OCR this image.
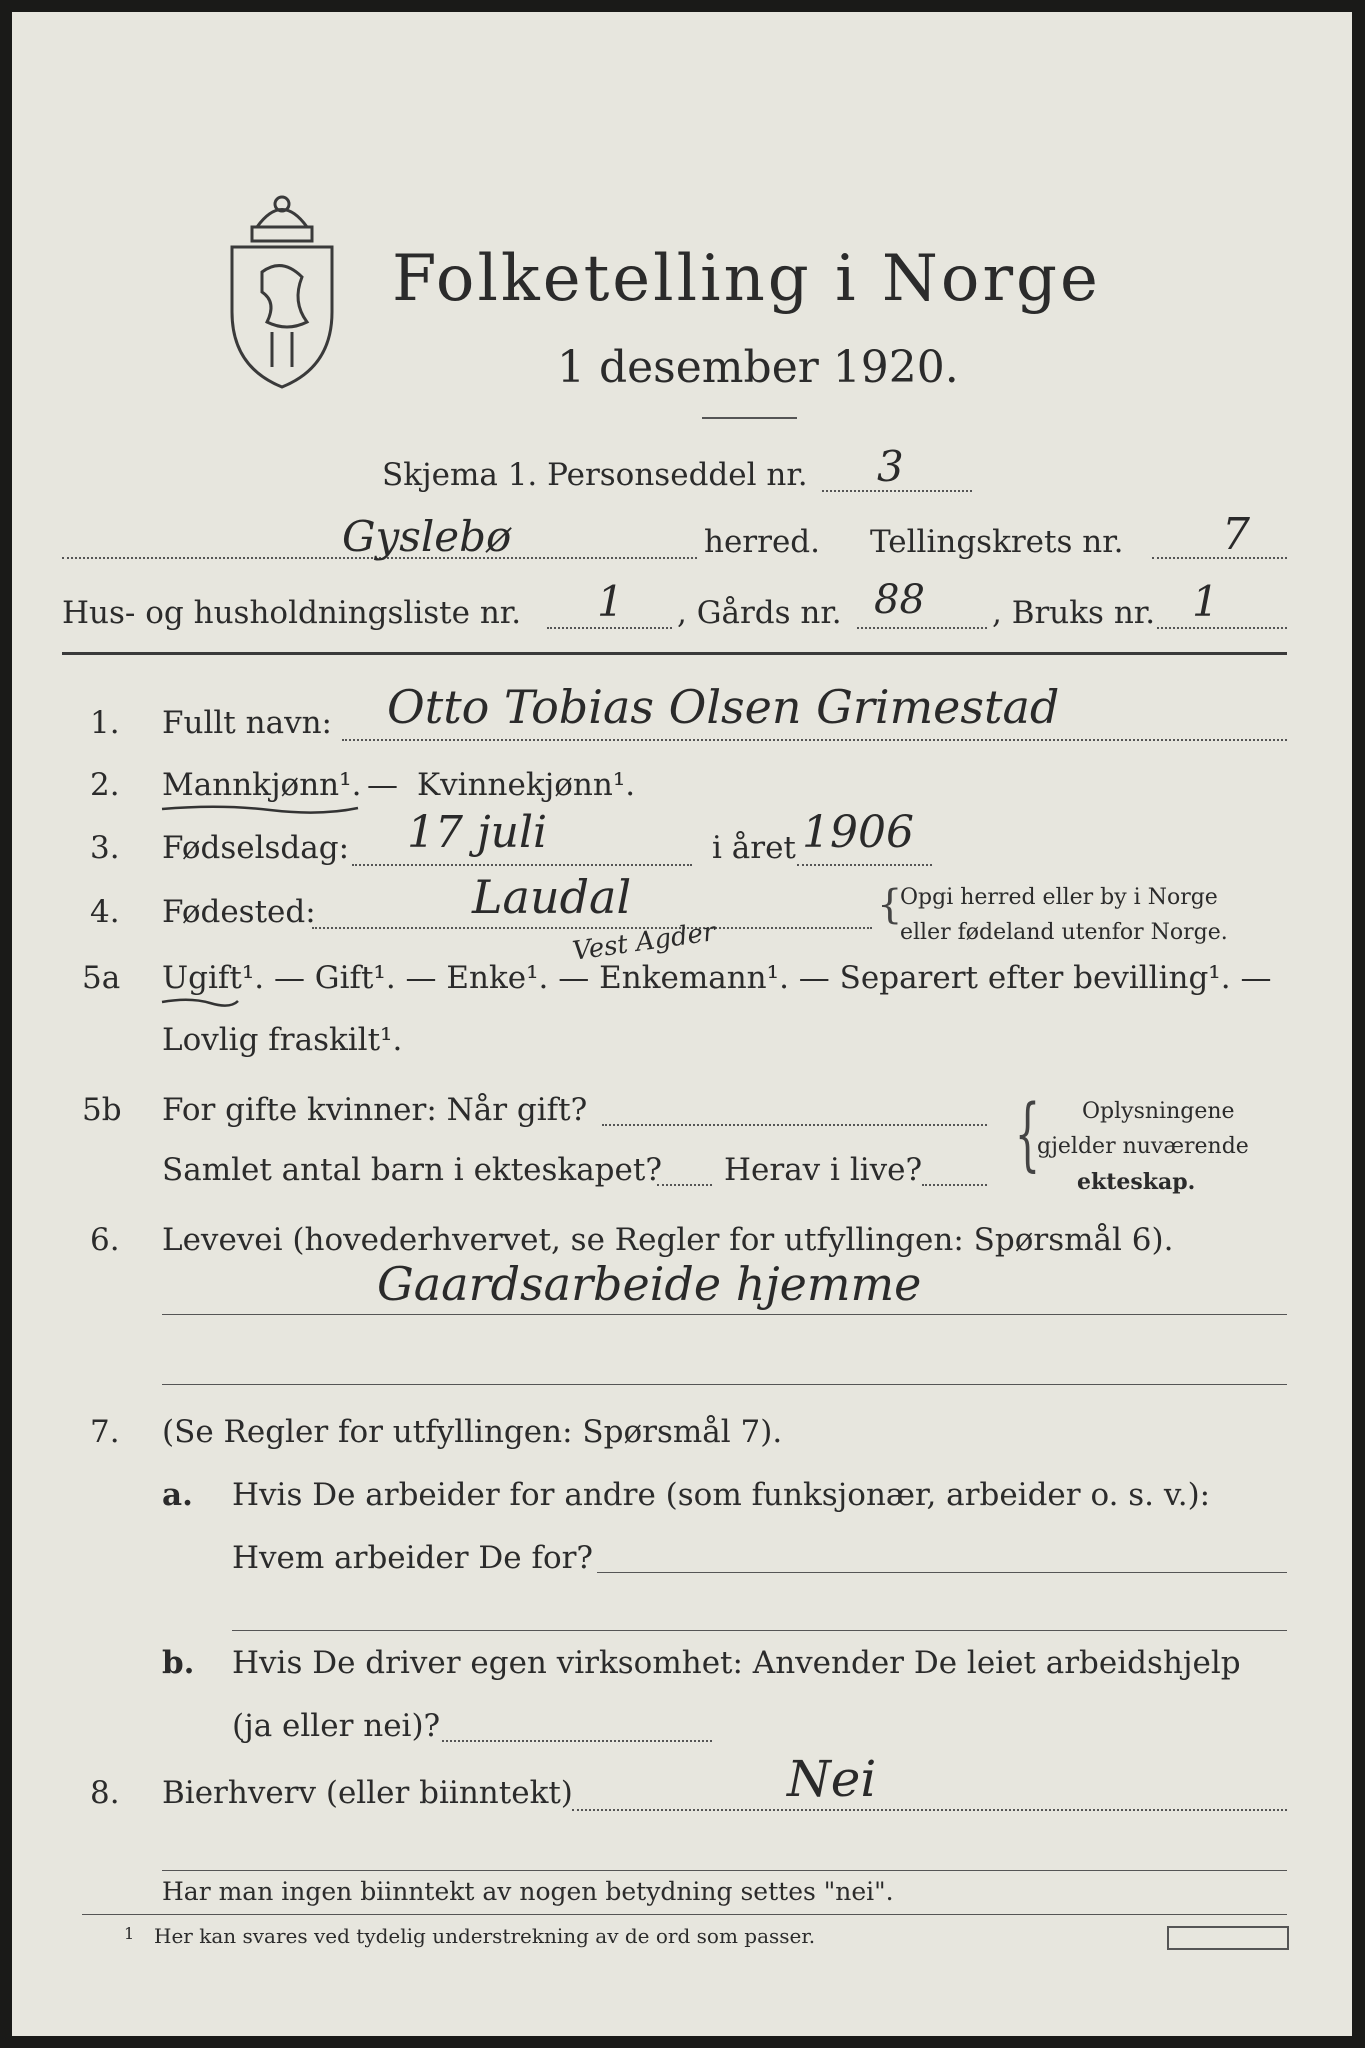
Folketelling i Norge
1 desember 1920.
Skjema 1. Personseddel nr. 3
Gyslebø	herred. Tellingskrets nr. 7
Hus- og husholdningsliste nr. 1 , Gårds nr. 88 , Bruks nr. 1
1. Fullt navn: Otto Tobias Olsen Grimestad
2. Mannkjønn¹. — Kvinnekjønn¹.
3. Fødselsdag: 17 juli	i året 1906
4. Fødested:	Laudal	{
Opgi herred eller by i Norge
eller fødeland utenfor Norge.
Vest Agder
5a Ugift¹. — Gift¹. — Enke¹. — Enkemann¹. — Separert efter bevilling¹. —
Lovlig fraskilt¹.
5b For gifte kvinner: Når gift?
Samlet antal barn i ekteskapet? Herav i live? { Oplysningene
gjelder nuværende
ekteskap.
6. Levevei (hovederhvervet, se Regler for utfyllingen: Spørsmål 6).
Gaardsarbeide hjemme
7. (Se Regler for utfyllingen: Spørsmål 7).
a. Hvis De arbeider for andre (som funksjonær, arbeider o. s. v.):
Hvem arbeider De for?
b. Hvis De driver egen virksomhet: Anvender De leiet arbeidshjelp
(ja eller nei)?
8. Bierhverv (eller biinntekt)	Nei
Har man ingen biinntekt av nogen betydning settes "nei".
1 Her kan svares ved tydelig understrekning av de ord som passer.
